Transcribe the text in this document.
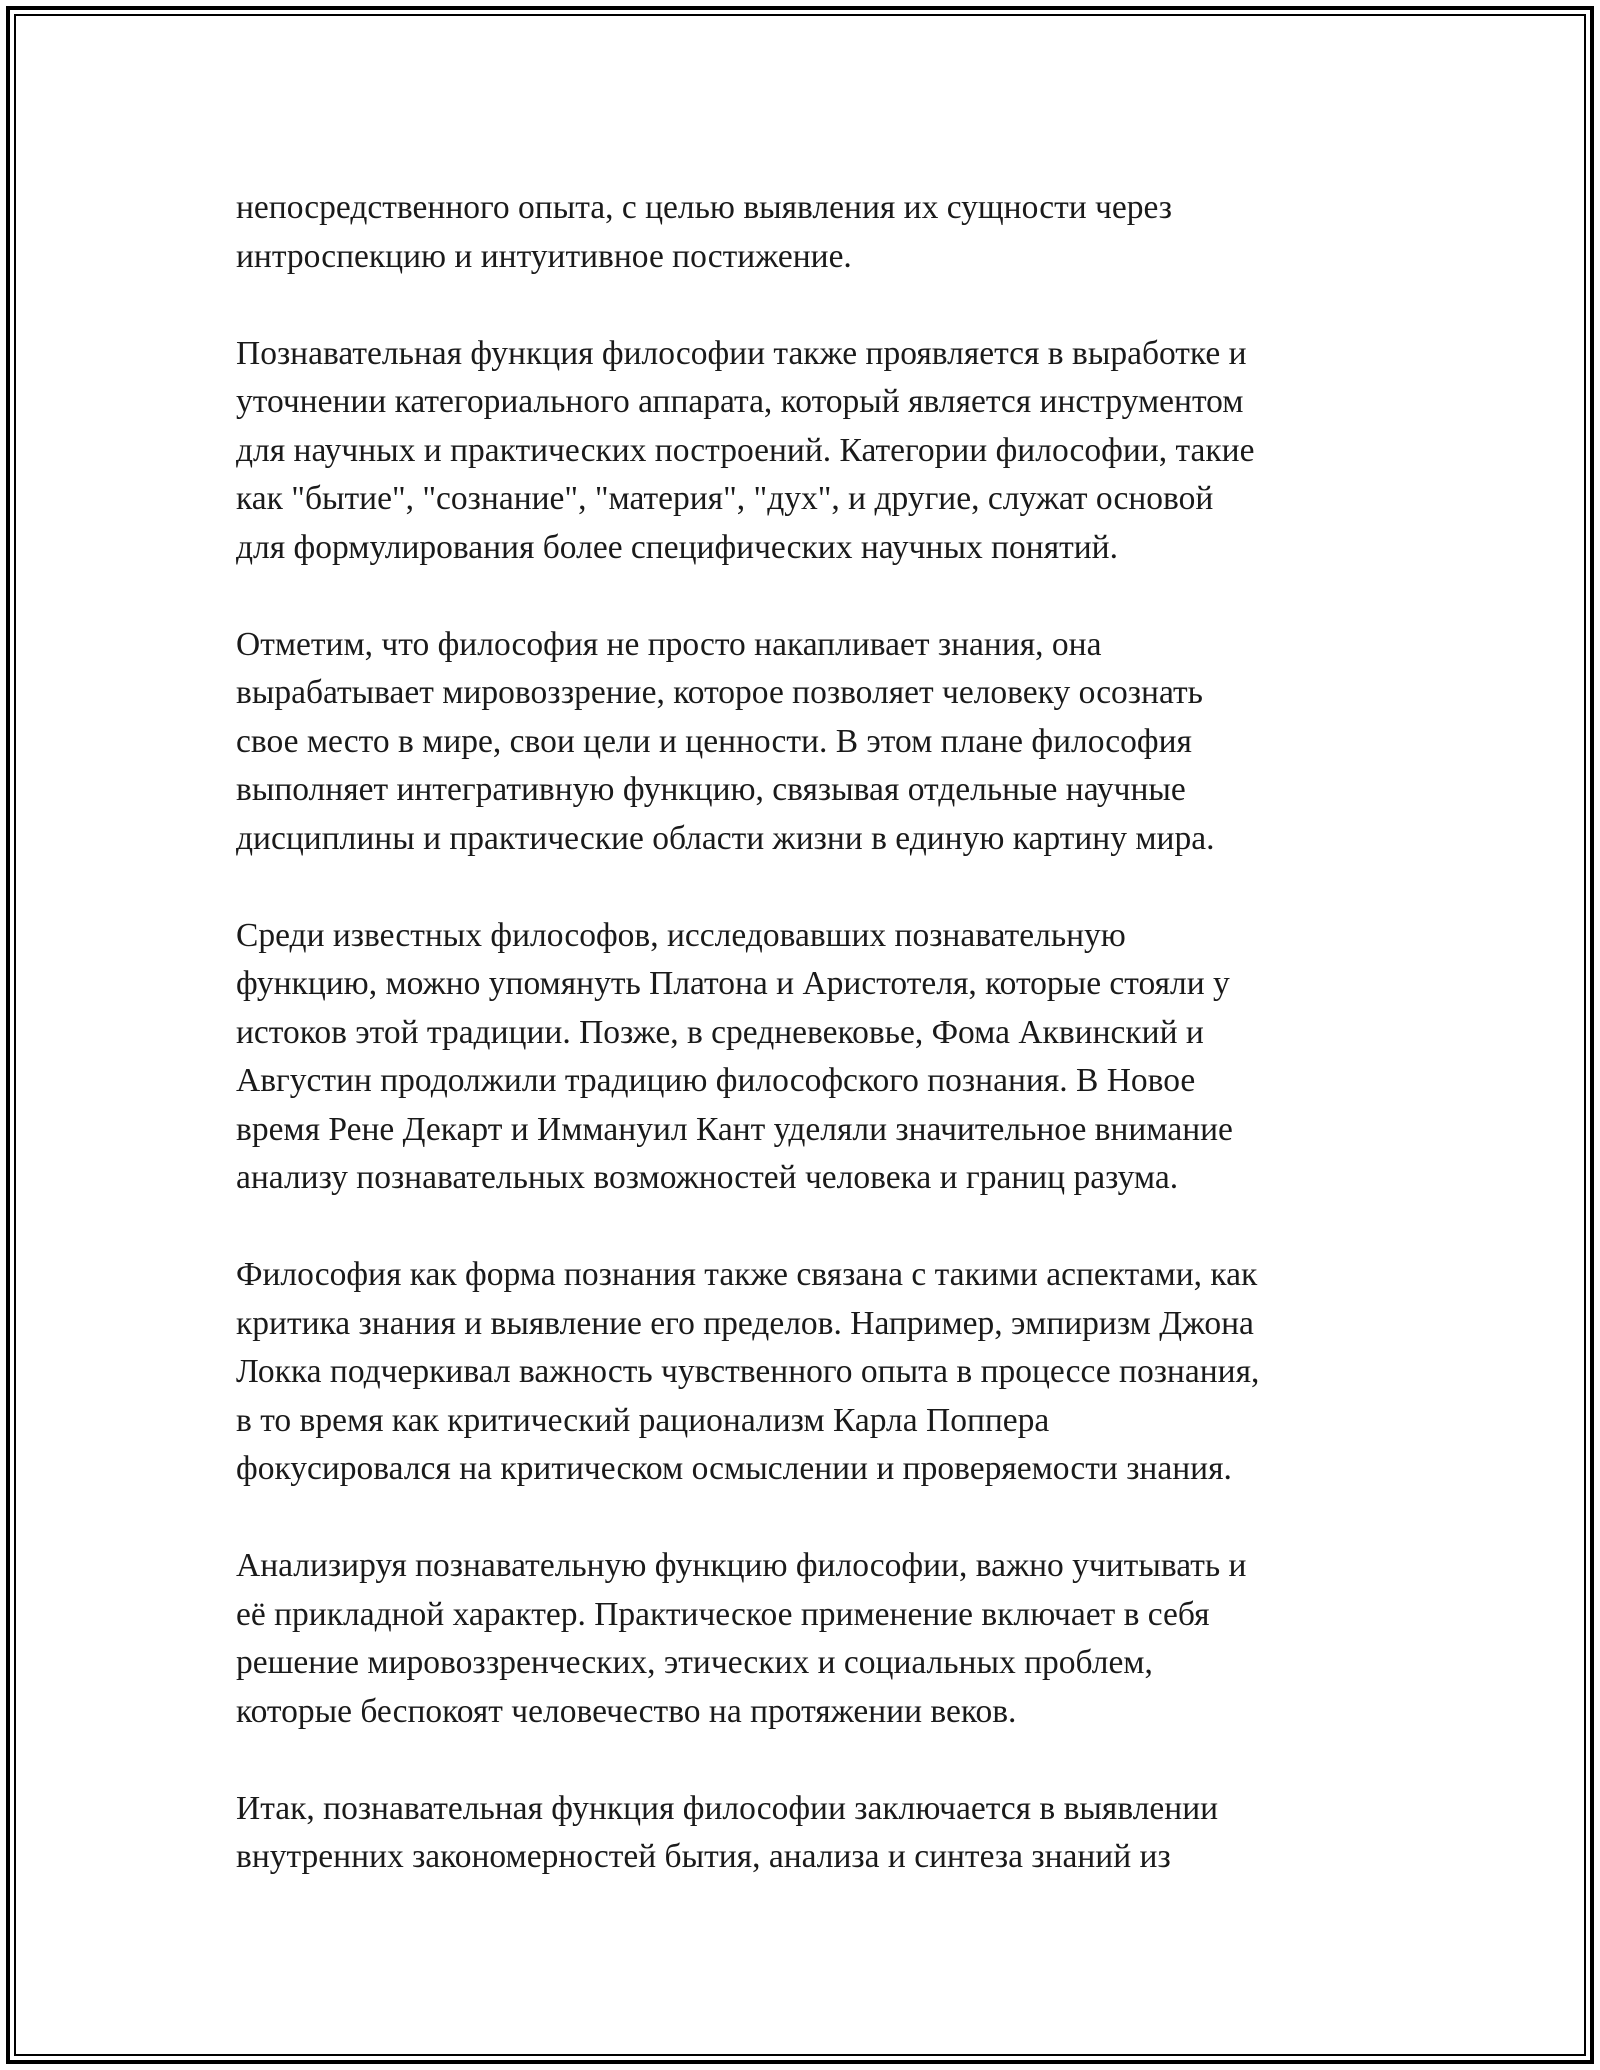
непосредственного опыта, с целью выявления их сущности через
интроспекцию и интуитивное постижение.

Познавательная функция философии также проявляется в выработке и
уточнении категориального аппарата, который является инструментом
для научных и практических построений. Категории философии, такие
как "бытие", "сознание", "материя", "дух", и другие, служат основой
для формулирования более специфических научных понятий.

Отметим, что философия не просто накапливает знания, она
вырабатывает мировоззрение, которое позволяет человеку осознать
свое место в мире, свои цели и ценности. В этом плане философия
выполняет интегративную функцию, связывая отдельные научные
дисциплины и практические области жизни в единую картину мира.

Среди известных философов, исследовавших познавательную
функцию, можно упомянуть Платона и Аристотеля, которые стояли у
истоков этой традиции. Позже, в средневековье, Фома Аквинский и
Августин продолжили традицию философского познания. В Новое
время Рене Декарт и Иммануил Кант уделяли значительное внимание
анализу познавательных возможностей человека и границ разума.

Философия как форма познания также связана с такими аспектами, как
критика знания и выявление его пределов. Например, эмпиризм Джона
Локка подчеркивал важность чувственного опыта в процессе познания,
в то время как критический рационализм Карла Поппера
фокусировался на критическом осмыслении и проверяемости знания.

Анализируя познавательную функцию философии, важно учитывать и
её прикладной характер. Практическое применение включает в себя
решение мировоззренческих, этических и социальных проблем,
которые беспокоят человечество на протяжении веков.

Итак, познавательная функция философии заключается в выявлении
внутренних закономерностей бытия, анализа и синтеза знаний из
